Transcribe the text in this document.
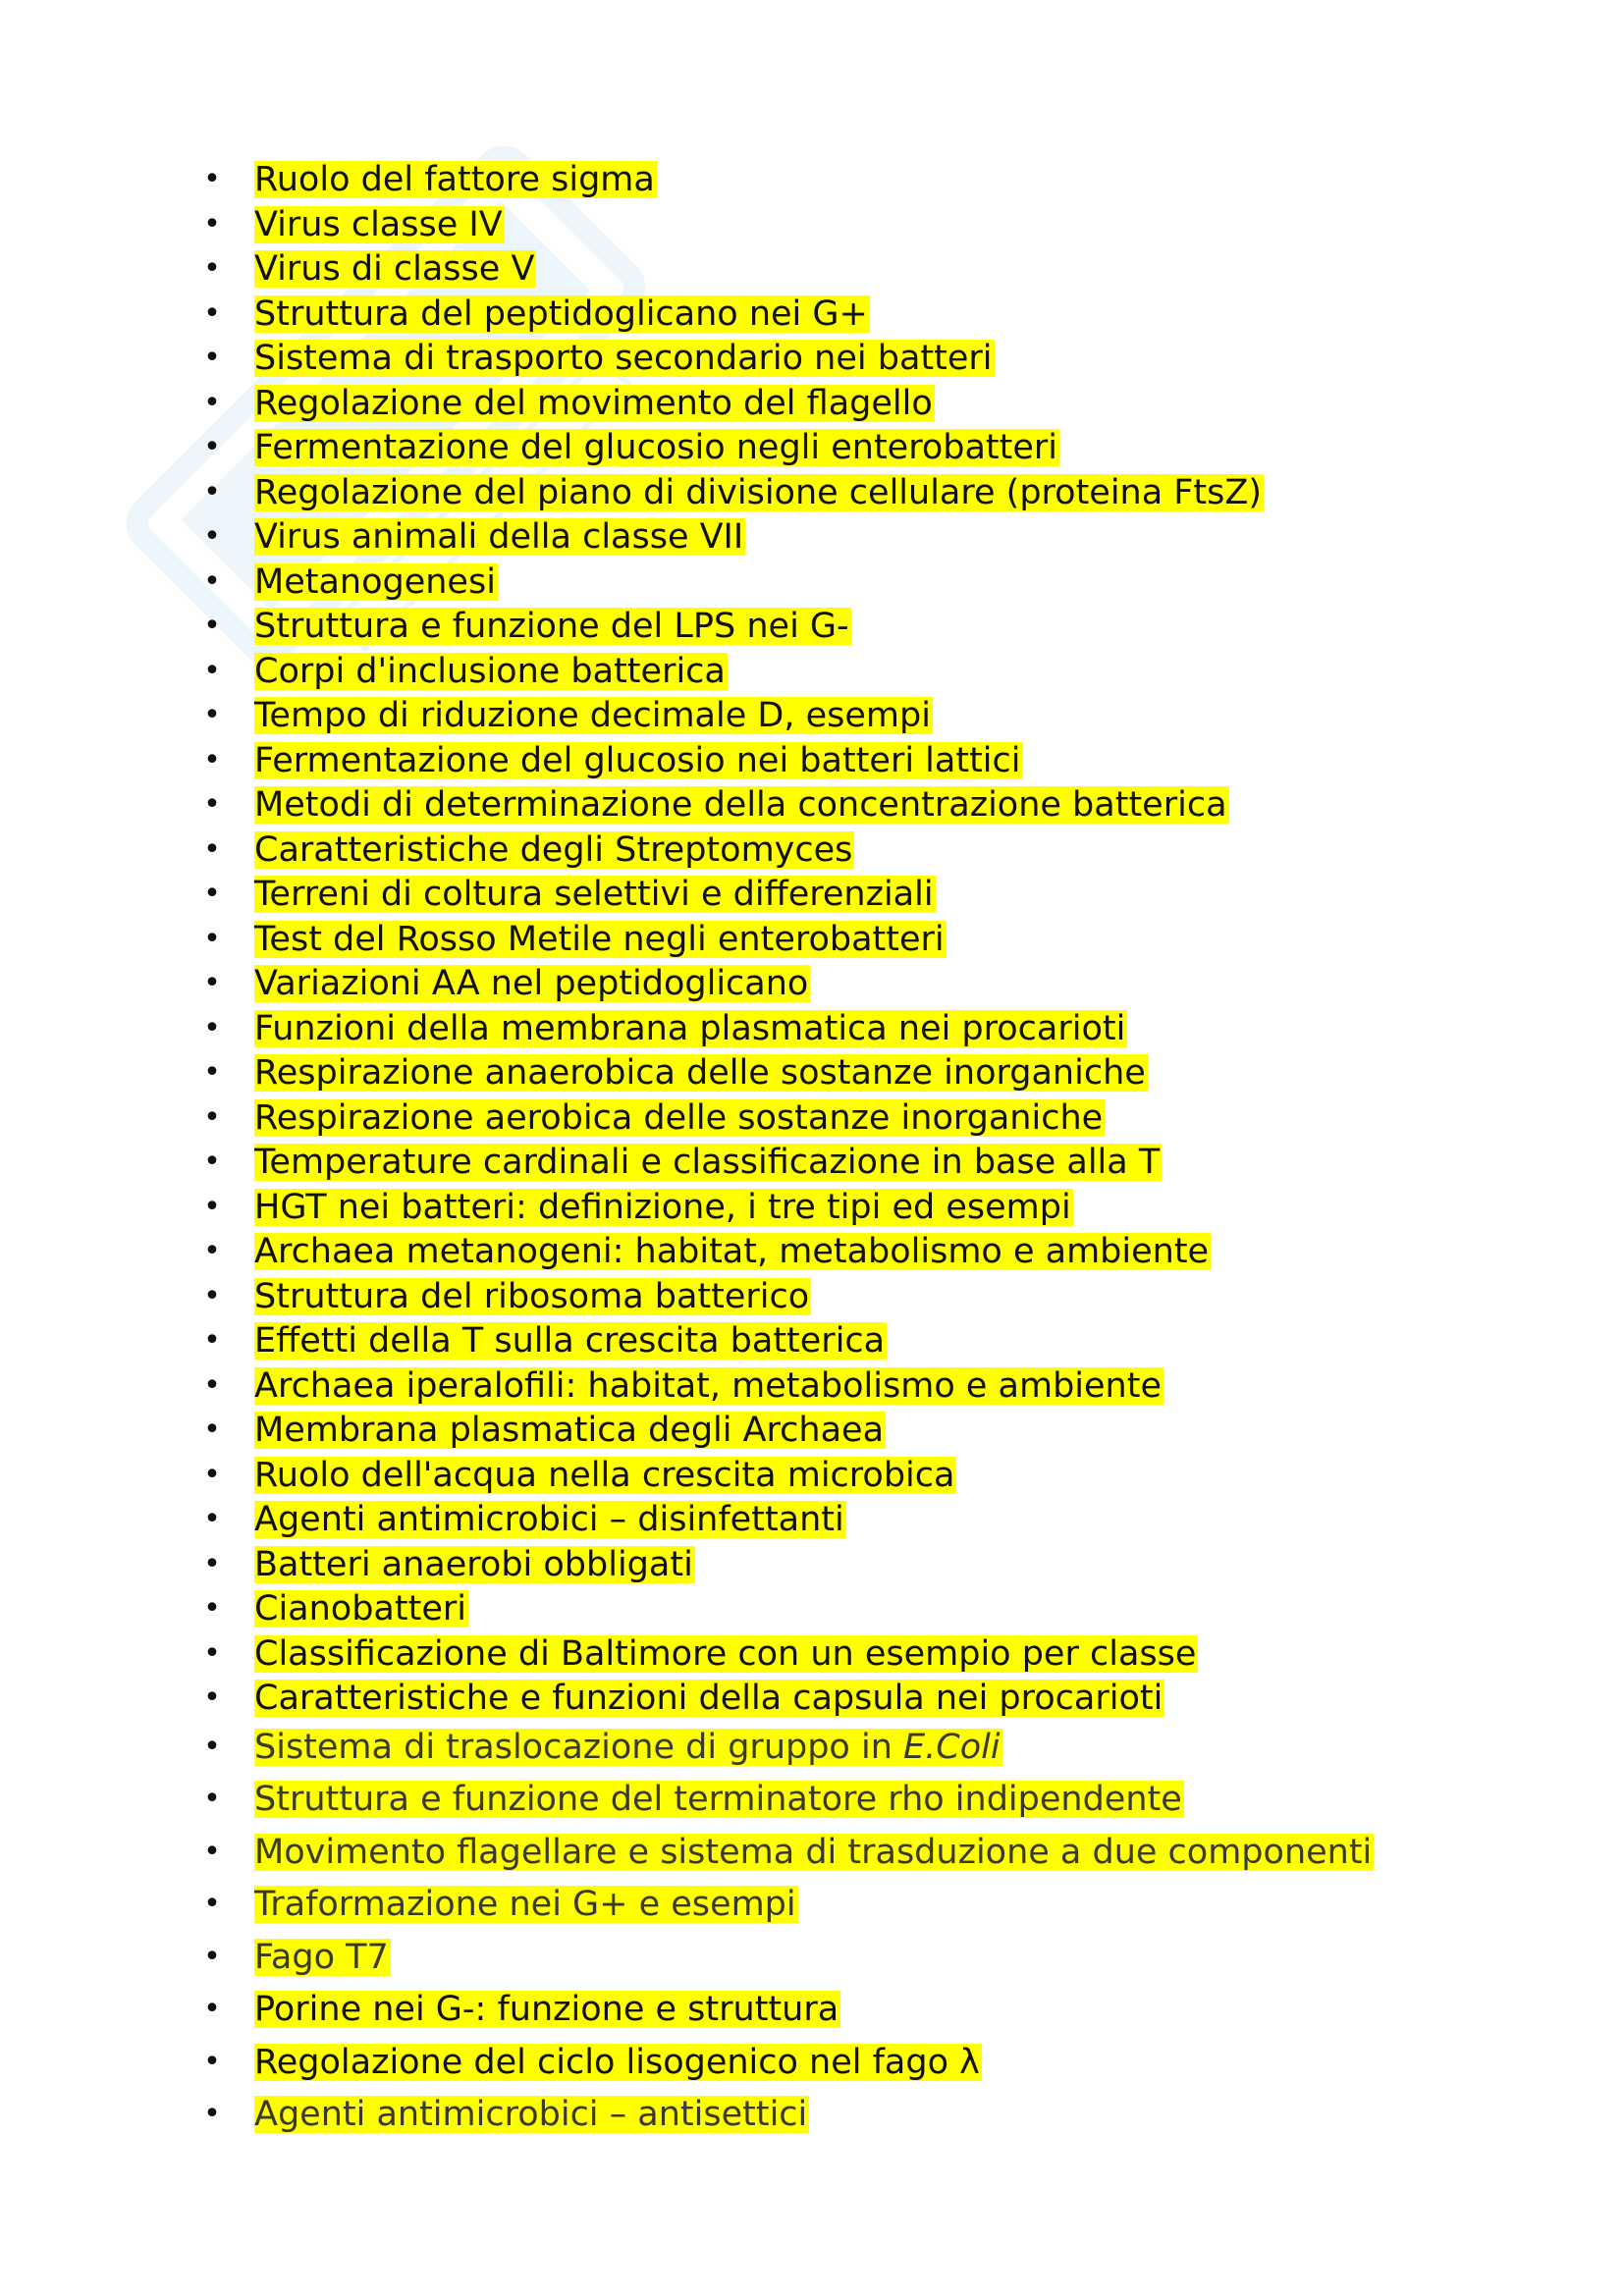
• Ruolo del fattore sigma
• Virus classe IV
• Virus di classe V
• Struttura del peptidoglicano nei G+
• Sistema di trasporto secondario nei batteri
• Regolazione del movimento del flagello
• Fermentazione del glucosio negli enterobatteri
• Regolazione del piano di divisione cellulare (proteina FtsZ)
• Virus animali della classe VII
• Metanogenesi
• Struttura e funzione del LPS nei G-
• Corpi d'inclusione batterica
• Tempo di riduzione decimale D, esempi
• Fermentazione del glucosio nei batteri lattici
• Metodi di determinazione della concentrazione batterica
• Caratteristiche degli Streptomyces
• Terreni di coltura selettivi e differenziali
• Test del Rosso Metile negli enterobatteri
• Variazioni AA nel peptidoglicano
• Funzioni della membrana plasmatica nei procarioti
• Respirazione anaerobica delle sostanze inorganiche
• Respirazione aerobica delle sostanze inorganiche
• Temperature cardinali e classificazione in base alla T
• HGT nei batteri: definizione, i tre tipi ed esempi
• Archaea metanogeni: habitat, metabolismo e ambiente
• Struttura del ribosoma batterico
• Effetti della T sulla crescita batterica
• Archaea iperalofili: habitat, metabolismo e ambiente
• Membrana plasmatica degli Archaea
• Ruolo dell'acqua nella crescita microbica
• Agenti antimicrobici – disinfettanti
• Batteri anaerobi obbligati
• Cianobatteri
• Classificazione di Baltimore con un esempio per classe
• Caratteristiche e funzioni della capsula nei procarioti
• Sistema di traslocazione di gruppo in E.Coli
• Struttura e funzione del terminatore rho indipendente
• Movimento flagellare e sistema di trasduzione a due componenti
• Traformazione nei G+ e esempi
• Fago T7
• Porine nei G-: funzione e struttura
• Regolazione del ciclo lisogenico nel fago λ
• Agenti antimicrobici – antisettici
